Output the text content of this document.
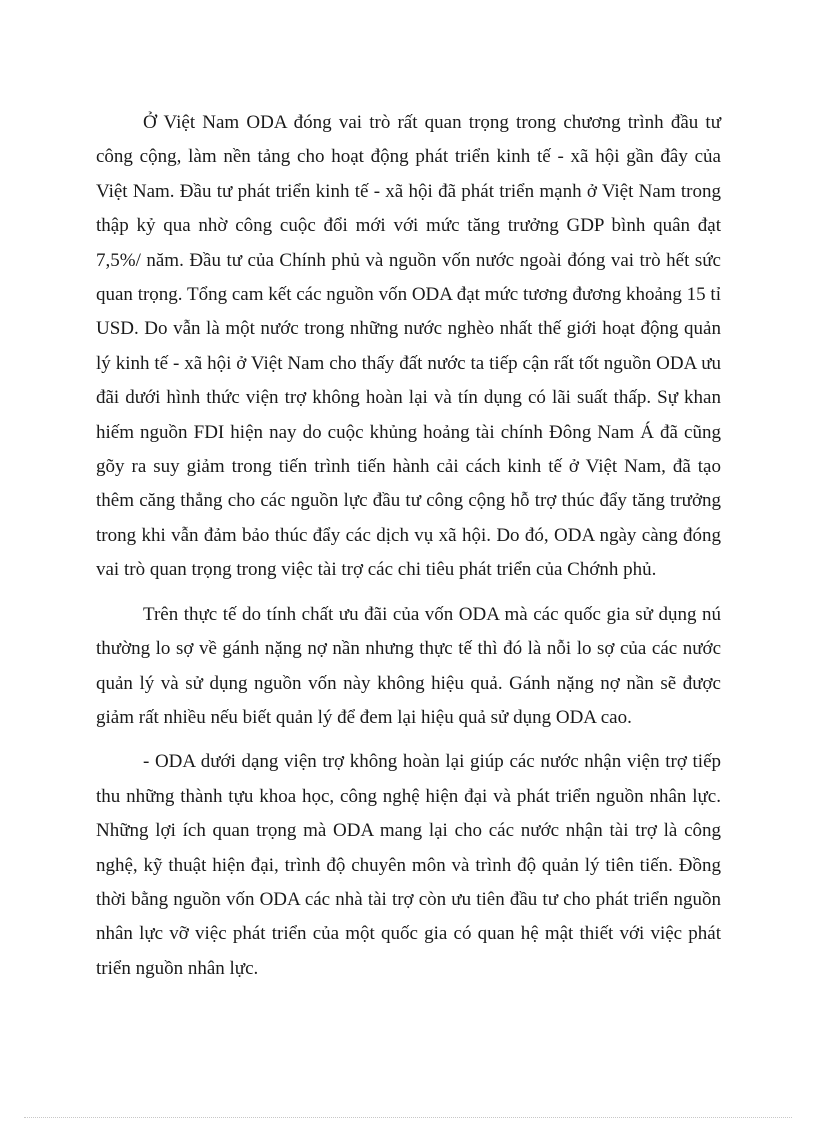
Ở Việt Nam ODA đóng vai trò rất quan trọng trong chương trình đầu tư công cộng, làm nền tảng cho hoạt động phát triển kinh tế - xã hội gần đây của Việt Nam. Đầu tư phát triển kinh tế - xã hội đã phát triển mạnh ở Việt Nam trong thập kỷ qua nhờ công cuộc đổi mới với mức tăng trưởng GDP bình quân đạt 7,5%/ năm. Đầu tư của Chính phủ và nguồn vốn nước ngoài đóng vai trò hết sức quan trọng. Tổng cam kết các nguồn vốn ODA đạt mức tương đương khoảng 15 tỉ USD. Do vẫn là một nước trong những nước nghèo nhất thế giới hoạt động quản lý kinh tế - xã hội ở Việt Nam cho thấy đất nước ta tiếp cận rất tốt nguồn ODA ưu đãi dưới hình thức viện trợ không hoàn lại và tín dụng có lãi suất thấp. Sự khan hiếm nguồn FDI hiện nay do cuộc khủng hoảng tài chính Đông Nam Á đã cũng gõy ra suy giảm trong tiến trình tiến hành cải cách kinh tế ở Việt Nam, đã tạo thêm căng thẳng cho các nguồn lực đầu tư công cộng hỗ trợ thúc đẩy tăng trưởng trong khi vẫn đảm bảo thúc đẩy các dịch vụ xã hội. Do đó, ODA ngày càng đóng vai trò quan trọng trong việc tài trợ các chi tiêu phát triển của Chớnh phủ.

Trên thực tế do tính chất ưu đãi của vốn ODA mà các quốc gia sử dụng nú thường lo sợ về gánh nặng nợ nần nhưng thực tế thì đó là nỗi lo sợ của các nước quản lý và sử dụng nguồn vốn này không hiệu quả. Gánh nặng nợ nần sẽ được giảm rất nhiều nếu biết quản lý để đem lại hiệu quả sử dụng ODA cao.

- ODA dưới dạng viện trợ không hoàn lại giúp các nước nhận viện trợ tiếp thu những thành tựu khoa học, công nghệ hiện đại và phát triển nguồn nhân lực. Những lợi ích quan trọng mà ODA mang lại cho các nước nhận tài trợ là công nghệ, kỹ thuật hiện đại, trình độ chuyên môn và trình độ quản lý tiên tiến. Đồng thời bằng nguồn vốn ODA các nhà tài trợ còn ưu tiên đầu tư cho phát triển nguồn nhân lực vỡ việc phát triển của một quốc gia có quan hệ mật thiết với việc phát triển nguồn nhân lực.
